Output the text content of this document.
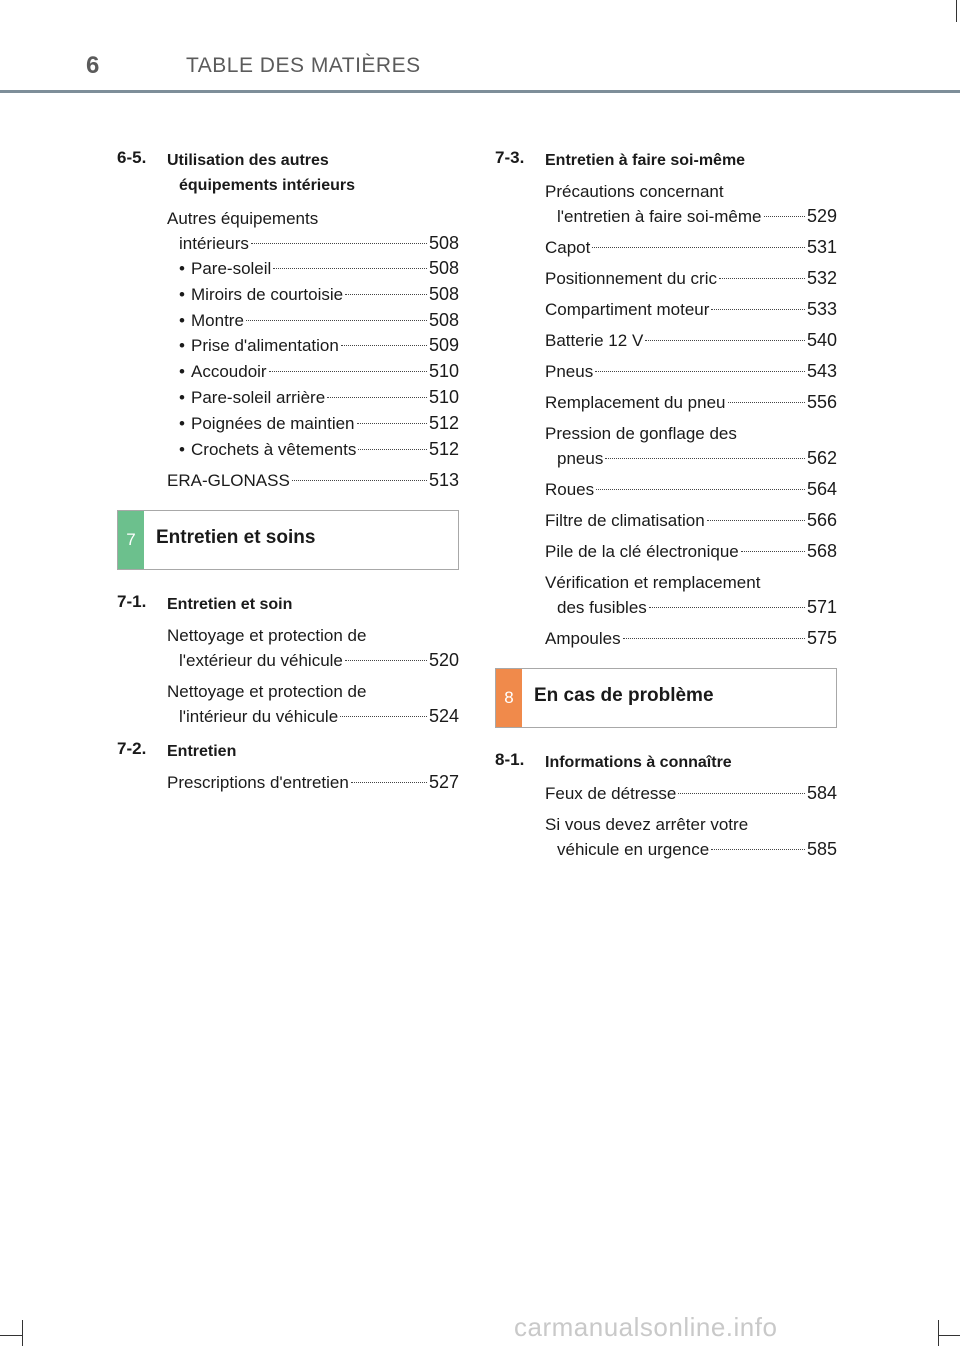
6	TABLE DES MATIÈRES
6-5.	Utilisation des autres
équipements intérieurs
Autres équipements
intérieurs	508
• Pare-soleil	508
• Miroirs de courtoisie	508
• Montre	508
• Prise d'alimentation	509
• Accoudoir	510
• Pare-soleil arrière	510
• Poignées de maintien	512
• Crochets à vêtements	512
ERA-GLONASS	513
7	Entretien et soins
7-1.	Entretien et soin
Nettoyage et protection de
l'extérieur du véhicule	520
Nettoyage et protection de
l'intérieur du véhicule	524
7-2.	Entretien
Prescriptions d'entretien	527
7-3.	Entretien à faire soi-même
Précautions concernant
l'entretien à faire soi-même	529
Capot	531
Positionnement du cric	532
Compartiment moteur	533
Batterie 12 V	540
Pneus	543
Remplacement du pneu	556
Pression de gonflage des
pneus	562
Roues	564
Filtre de climatisation	566
Pile de la clé électronique	568
Vérification et remplacement
des fusibles	571
Ampoules	575
8	En cas de problème
8-1.	Informations à connaître
Feux de détresse	584
Si vous devez arrêter votre
véhicule en urgence	585
carmanualsonline.info
